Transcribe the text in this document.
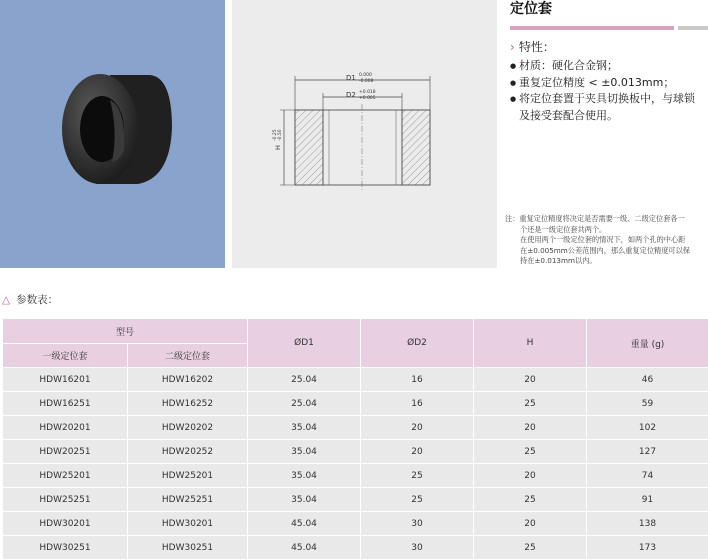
D1 0.000
-0.008
D2 +0.018
+0.005
H
-0.25 -0.50
定位套
› 特性：
● 材质：硬化合金钢；
● 重复定位精度 < ±0.013mm；
● 将定位套置于夹具切换板中，与球锁及接受套配合使用。
注：重复定位精度将决定是否需要一级、二级定位套各一
个还是一级定位套共两个。
在使用两个一级定位套的情况下，如两个孔的中心距
在±0.005mm公差范围内，那么重复定位精度可以保
持在±0.013mm以内。
△ 参数表：
型号		ØD1	ØD2	H	重量 (g)
一级定位套	二级定位套				
HDW16201	HDW16202	25.04	16	20	46
HDW16251	HDW16252	25.04	16	25	59
HDW20201	HDW20202	35.04	20	20	102
HDW20251	HDW20252	35.04	20	25	127
HDW25201	HDW25201	35.04	25	20	74
HDW25251	HDW25251	35.04	25	25	91
HDW30201	HDW30201	45.04	30	20	138
HDW30251	HDW30251	45.04	30	25	173
